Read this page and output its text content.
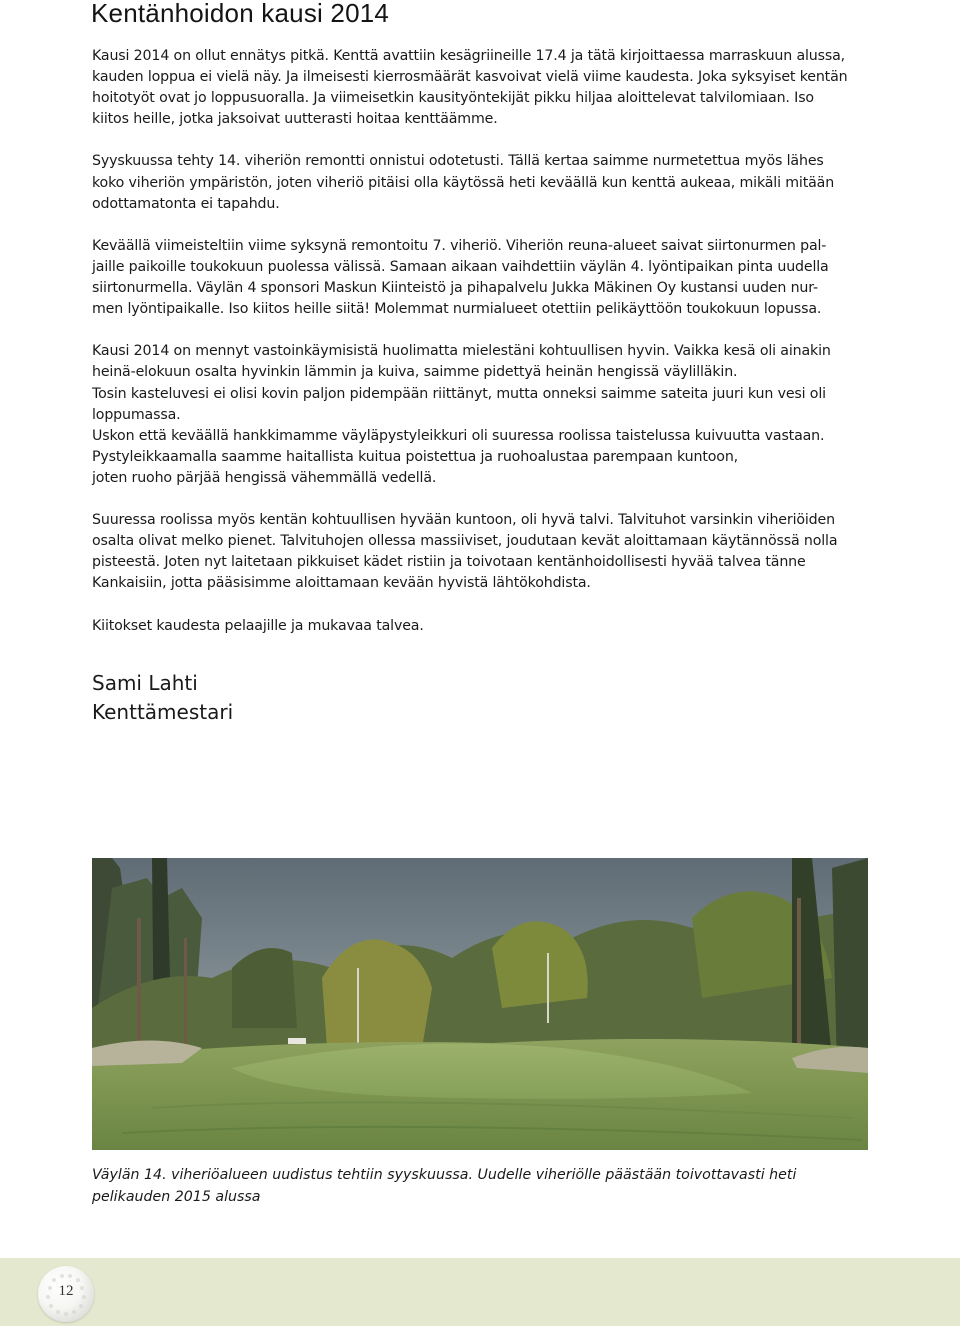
Kentänhoidon kausi 2014

Kausi 2014 on ollut ennätys pitkä. Kenttä avattiin kesägriineille 17.4 ja tätä kirjoittaessa marraskuun alussa,
kauden loppua ei vielä näy. Ja ilmeisesti kierrosmäärät kasvoivat vielä viime kaudesta. Joka syksyiset kentän
hoitotyöt ovat jo loppusuoralla. Ja viimeisetkin kausityöntekijät pikku hiljaa aloittelevat talvilomiaan. Iso
kiitos heille, jotka jaksoivat uutterasti hoitaa kenttäämme.

Syyskuussa tehty 14. viheriön remontti onnistui odotetusti. Tällä kertaa saimme nurmetettua myös lähes
koko viheriön ympäristön, joten viheriö pitäisi olla käytössä heti keväällä kun kenttä aukeaa, mikäli mitään
odottamatonta ei tapahdu.

Keväällä viimeisteltiin viime syksynä remontoitu 7. viheriö. Viheriön reuna-alueet saivat siirtonurmen pal-
jaille paikoille toukokuun puolessa välissä. Samaan aikaan vaihdettiin väylän 4. lyöntipaikan pinta uudella
siirtonurmella. Väylän 4 sponsori Maskun Kiinteistö ja pihapalvelu Jukka Mäkinen Oy kustansi uuden nur-
men lyöntipaikalle. Iso kiitos heille siitä! Molemmat nurmialueet otettiin pelikäyttöön toukokuun lopussa.

Kausi 2014 on mennyt vastoinkäymisistä huolimatta mielestäni kohtuullisen hyvin. Vaikka kesä oli ainakin
heinä-elokuun osalta hyvinkin lämmin ja kuiva, saimme pidettyä heinän hengissä väylilläkin.
Tosin kasteluvesi ei olisi kovin paljon pidempään riittänyt, mutta onneksi saimme sateita juuri kun vesi oli
loppumassa.
Uskon että keväällä hankkimamme väyläpystyleikkuri oli suuressa roolissa taistelussa kuivuutta vastaan.
Pystyleikkaamalla saamme haitallista kuitua poistettua ja ruohoalustaa parempaan kuntoon,
joten ruoho pärjää hengissä vähemmällä vedellä.

Suuressa roolissa myös kentän kohtuullisen hyvään kuntoon, oli hyvä talvi. Talvituhot varsinkin viheriöiden
osalta olivat melko pienet. Talvituhojen ollessa massiiviset, joudutaan kevät aloittamaan käytännössä nolla
pisteestä. Joten nyt laitetaan pikkuiset kädet ristiin ja toivotaan kentänhoidollisesti hyvää talvea tänne
Kankaisiin, jotta pääsisimme aloittamaan kevään hyvistä lähtökohdista.

Kiitokset kaudesta pelaajille ja mukavaa talvea.

Sami Lahti
Kenttämestari
Väylän 14. viheriöalueen uudistus tehtiin syyskuussa. Uudelle viheriölle päästään toivottavasti heti
pelikauden 2015 alussa
12
